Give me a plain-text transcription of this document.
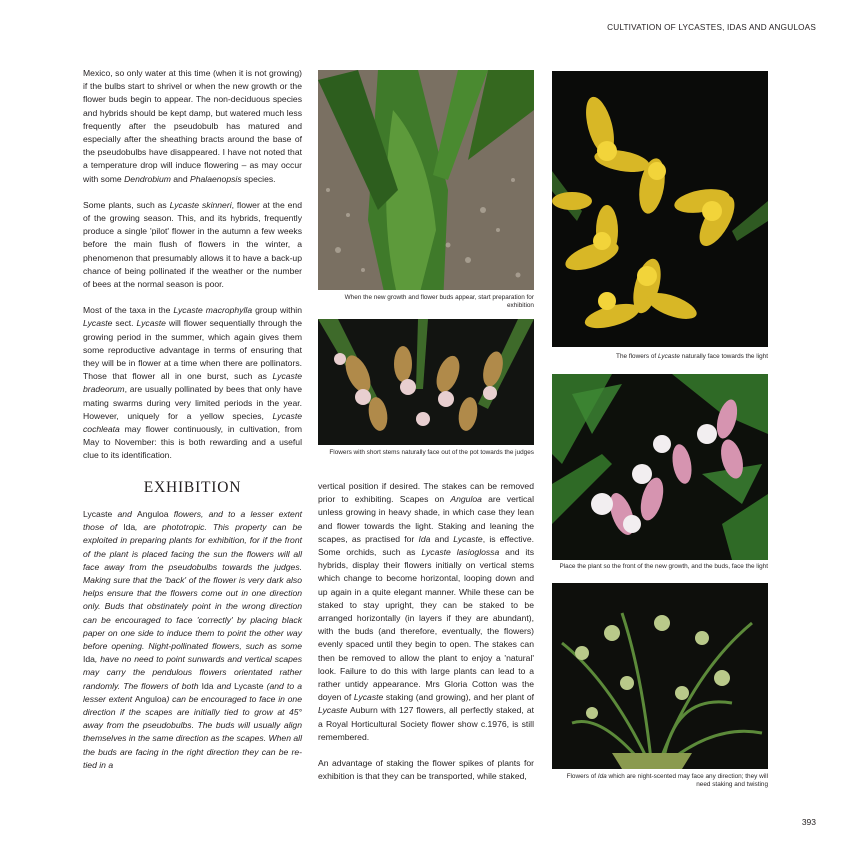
CULTIVATION OF LYCASTES, IDAS AND ANGULOAS

Mexico, so only water at this time (when it is not growing) if the bulbs start to shrivel or when the new growth or the flower buds begin to appear. The non-deciduous species and hybrids should be kept damp, but watered much less frequently after the pseudobulb has matured and especially after the sheathing bracts around the base of the pseudobulbs have disappeared. I have not noted that a temperature drop will induce flowering – as may occur with some Dendrobium and Phalaenopsis species.

Some plants, such as Lycaste skinneri, flower at the end of the growing season. This, and its hybrids, frequently produce a single 'pilot' flower in the autumn a few weeks before the main flush of flowers in the winter, a phenomenon that presumably allows it to have a back-up chance of being pollinated if the weather or the number of bees at the normal season is poor.

Most of the taxa in the Lycaste macrophylla group within Lycaste sect. Lycaste will flower sequentially through the growing period in the summer, which again gives them some reproductive advantage in terms of ensuring that they will be in flower at a time when there are pollinators. Those that flower all in one burst, such as Lycaste bradeorum, are usually pollinated by bees that only have mating swarms during very limited periods in the year. However, uniquely for a yellow species, Lycaste cochleata may flower continuously, in cultivation, from May to November: this is both rewarding and a useful clue to its identification.

EXHIBITION

Lycaste and Anguloa flowers, and to a lesser extent those of Ida, are phototropic. This property can be exploited in preparing plants for exhibition, for if the front of the plant is placed facing the sun the flowers will all face away from the pseudobulbs towards the judges. Making sure that the 'back' of the flower is very dark also helps ensure that the flowers come out in one direction only. Buds that obstinately point in the wrong direction can be encouraged to face 'correctly' by placing black paper on one side to induce them to point the other way before opening. Night-pollinated flowers, such as some Ida, have no need to point sunwards and vertical scapes may carry the pendulous flowers orientated rather randomly. The flowers of both Ida and Lycaste (and to a lesser extent Anguloa) can be encouraged to face in one direction if the scapes are initially tied to grow at 45° away from the pseudobulbs. The buds will usually align themselves in the same direction as the scapes. When all the buds are facing in the right direction they can be re-tied in a

vertical position if desired. The stakes can be removed prior to exhibiting. Scapes on Anguloa are vertical unless growing in heavy shade, in which case they lean and flower towards the light. Staking and leaning the scapes, as practised for Ida and Lycaste, is effective. Some orchids, such as Lycaste lasioglossa and its hybrids, display their flowers initially on vertical stems which change to become horizontal, looping down and up again in a quite elegant manner. While these can be staked to stay upright, they can be staked to be arranged horizontally (in layers if they are abundant), with the buds (and therefore, eventually, the flowers) evenly spaced until they begin to open. The stakes can then be removed to allow the plant to enjoy a 'natural' look. Failure to do this with large plants can lead to a rather untidy appearance. Mrs Gloria Cotton was the doyen of Lycaste staking (and growing), and her plant of Lycaste Auburn with 127 flowers, all perfectly staked, at a Royal Horticultural Society flower show c.1976, is still remembered.

An advantage of staking the flower spikes of plants for exhibition is that they can be transported, while staked,

When the new growth and flower buds appear, start preparation for exhibition
Flowers with short stems naturally face out of the pot towards the judges
The flowers of Lycaste naturally face towards the light
Place the plant so the front of the new growth, and the buds, face the light
Flowers of Ida which are night-scented may face any direction; they will need staking and twisting
393
